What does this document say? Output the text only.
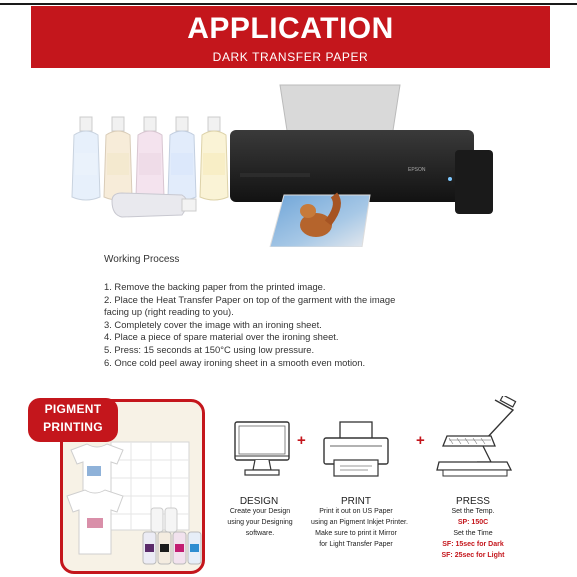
APPLICATION
DARK TRANSFER PAPER
EPSON
Working Process
1. Remove the backing paper from the printed image.
2. Place the Heat Transfer Paper on top of the garment with the image
facing up (right reading to you).
3. Completely cover the image with an ironing sheet.
4. Place a piece of spare material over the ironing sheet.
5. Press: 15 seconds at 150°C using low pressure.
6. Once cold peel away ironing sheet in a smooth even motion.
PIGMENT
PRINTING
+	+
DESIGN
Create your Design
using your Designing
software.
PRINT
Print it out on US Paper
using an Pigment Inkjet Printer.
Make sure to print it Mirror
for Light Transfer Paper
PRESS
Set the Temp.
SP: 150C
Set the Time
SF: 15sec for Dark
SF: 25sec for Light
